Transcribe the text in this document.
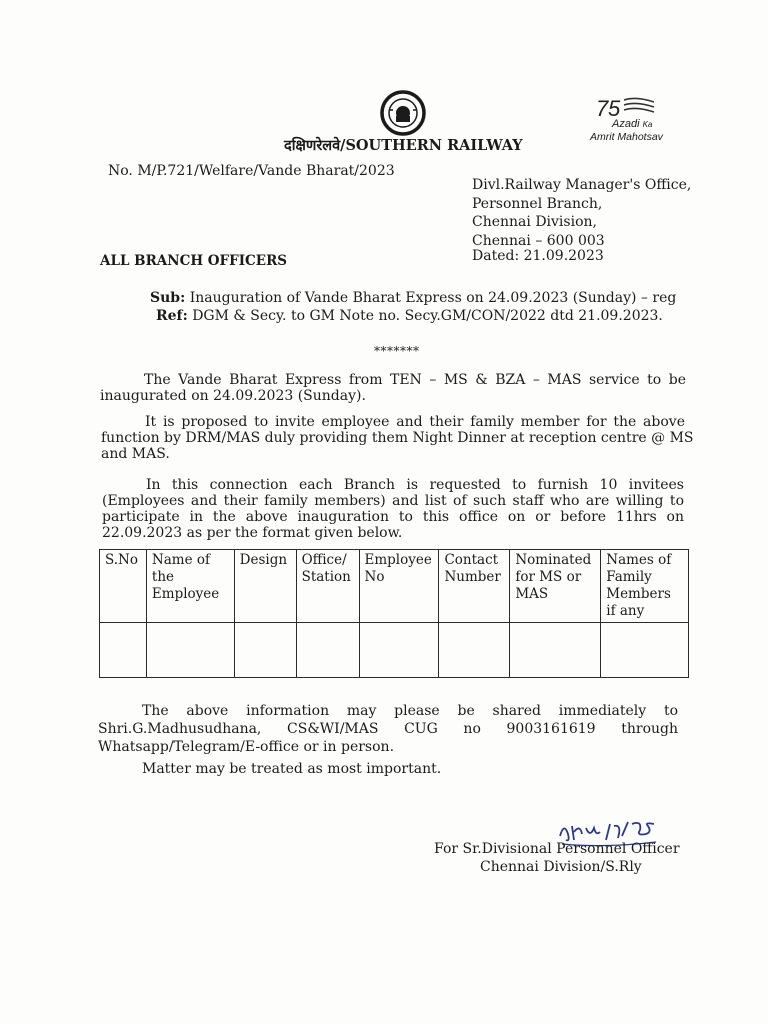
7 5
Azadi Ka
Amrit Mahotsav
दक्षिणरेलवे/SOUTHERN RAILWAY
No. M/P.721/Welfare/Vande Bharat/2023
Divl.Railway Manager's Office,
Personnel Branch,
Chennai Division,
Chennai – 600 003
Dated: 21.09.2023
ALL BRANCH OFFICERS
Sub: Inauguration of Vande Bharat Express on 24.09.2023 (Sunday) – reg
Ref: DGM & Secy. to GM Note no. Secy.GM/CON/2022 dtd 21.09.2023.
*******
The Vande Bharat Express from TEN – MS & BZA – MAS service to be
inaugurated on 24.09.2023 (Sunday).
It is proposed to invite employee and their family member for the above
function by DRM/MAS duly providing them Night Dinner at reception centre @ MS
and MAS.
In this connection each Branch is requested to furnish 10 invitees
(Employees and their family members) and list of such staff who are willing to
participate in the above inauguration to this office on or before 11hrs on
22.09.2023 as per the format given below.
S.No	Name of the Employee	Design	Office/ Station	Employee No	Contact Number	Nominated for MS or MAS	Names of Family Members if any

The above information may please be shared immediately to
Shri.G.Madhusudhana, CS&WI/MAS CUG no 9003161619 through
Whatsapp/Telegram/E-office or in person.
Matter may be treated as most important.
For Sr.Divisional Personnel Officer
Chennai Division/S.Rly
